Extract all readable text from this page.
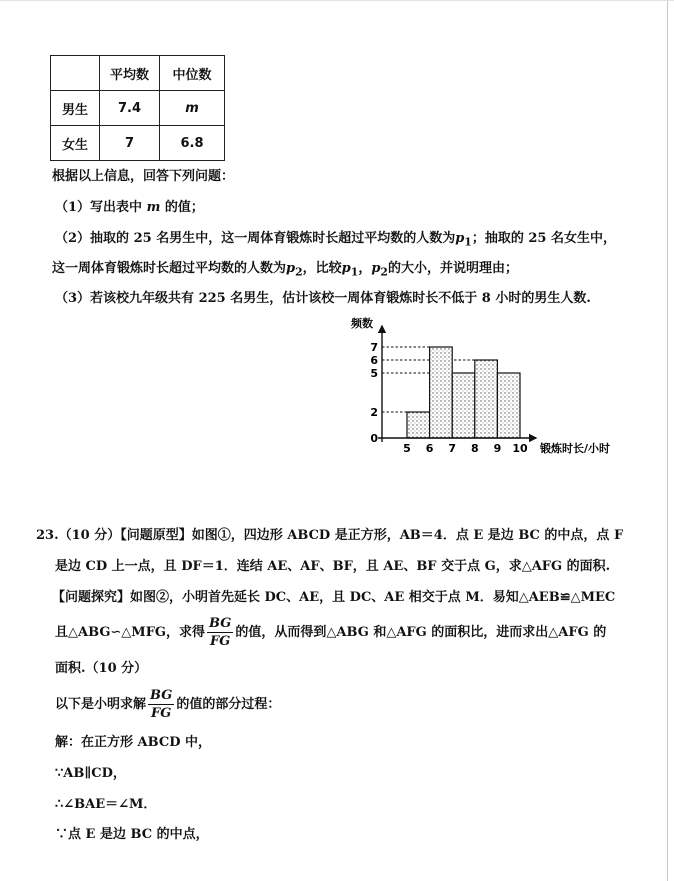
	平均数	中位数
男生	7.4	m
女生	7	6.8
根据以上信息，回答下列问题：
（1）写出表中 m 的值；
（2）抽取的 25 名男生中，这一周体育锻炼时长超过平均数的人数为$p_1$；抽取的 25 名女生中，
这一周体育锻炼时长超过平均数的人数为$p_2$，比较$p_1$，$p_2$的大小，并说明理由；
（3）若该校九年级共有 225 名男生，估计该校一周体育锻炼时长不低于 8 小时的男生人数.
频数
锻炼时长/小时
0
2
5
6
7
5 6 7 8 9 10
23.（10 分）【问题原型】如图①，四边形 ABCD 是正方形，AB＝4．点 E 是边 BC 的中点，点 F
是边 CD 上一点，且 DF＝1．连结 AE、AF、BF，且 AE、BF 交于点 G，求△AFG 的面积.
【问题探究】如图②，小明首先延长 DC、AE，且 DC、AE 相交于点 M．易知△AEB≌△MEC
且△ABG∽△MFG，求得 $\frac{BG}{FG}$ 的值，从而得到△ABG 和△AFG 的面积比，进而求出△AFG 的
面积.（10 分）
以下是小明求解 $\frac{BG}{FG}$ 的值的部分过程：
解：在正方形 ABCD 中，
∵AB∥CD，
∴∠BAE＝∠M．
∵点 E 是边 BC 的中点，
